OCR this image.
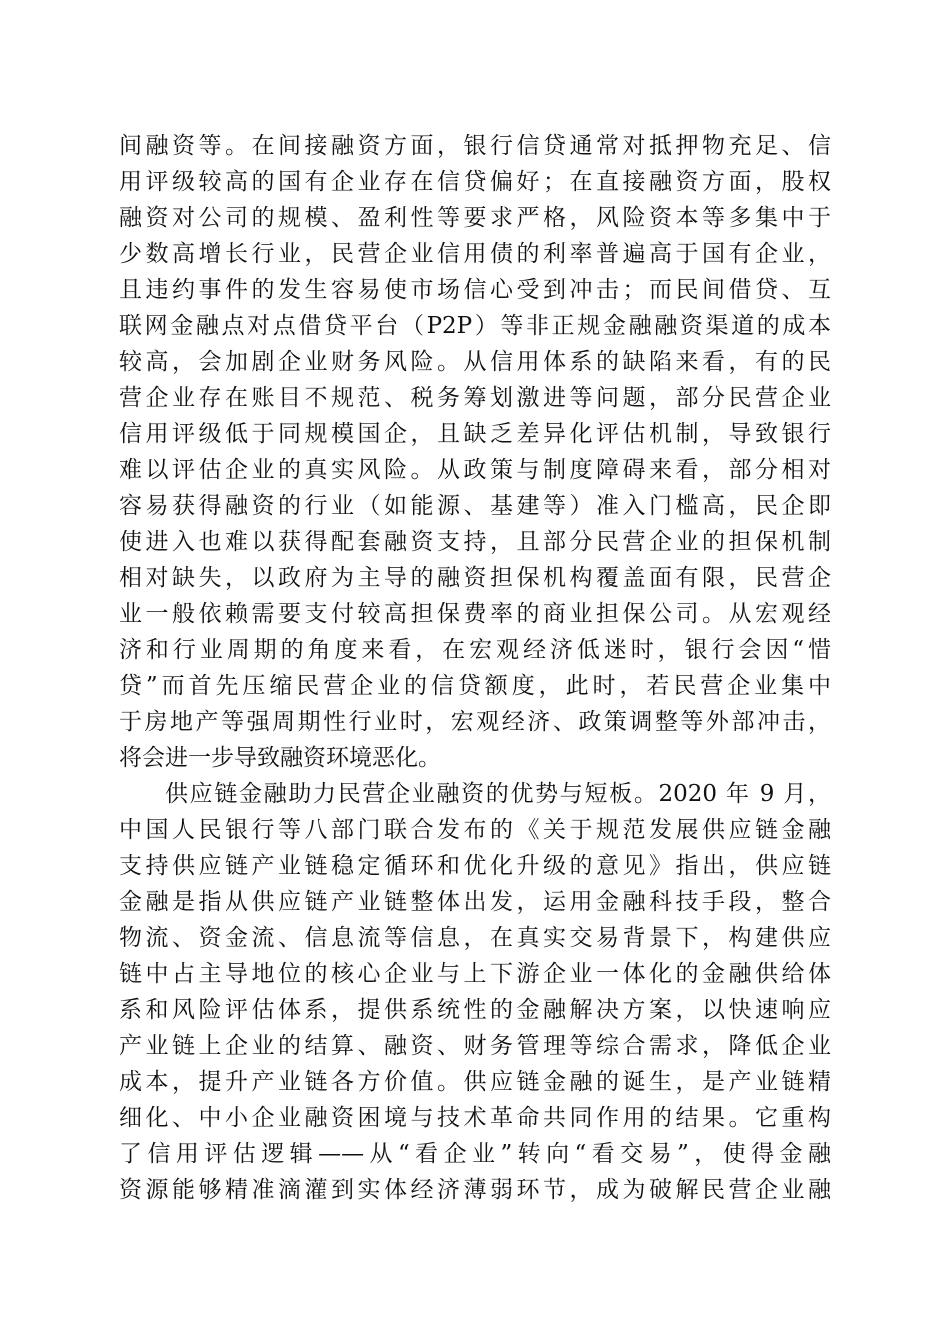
间融资等。在间接融资方面，银行信贷通常对抵押物充足、信
用评级较高的国有企业存在信贷偏好；在直接融资方面，股权
融资对公司的规模、盈利性等要求严格，风险资本等多集中于
少数高增长行业，民营企业信用债的利率普遍高于国有企业，
且违约事件的发生容易使市场信心受到冲击；而民间借贷、互
联网金融点对点借贷平台（P2P）等非正规金融融资渠道的成本
较高，会加剧企业财务风险。从信用体系的缺陷来看，有的民
营企业存在账目不规范、税务筹划激进等问题，部分民营企业
信用评级低于同规模国企，且缺乏差异化评估机制，导致银行
难以评估企业的真实风险。从政策与制度障碍来看，部分相对
容易获得融资的行业（如能源、基建等）准入门槛高，民企即
使进入也难以获得配套融资支持，且部分民营企业的担保机制
相对缺失，以政府为主导的融资担保机构覆盖面有限，民营企
业一般依赖需要支付较高担保费率的商业担保公司。从宏观经
济和行业周期的角度来看，在宏观经济低迷时，银行会因“惜
贷”而首先压缩民营企业的信贷额度，此时，若民营企业集中
于房地产等强周期性行业时，宏观经济、政策调整等外部冲击，
将会进一步导致融资环境恶化。
供应链金融助力民营企业融资的优势与短板。2020 年 9 月，
中国人民银行等八部门联合发布的《关于规范发展供应链金融
支持供应链产业链稳定循环和优化升级的意见》指出，供应链
金融是指从供应链产业链整体出发，运用金融科技手段，整合
物流、资金流、信息流等信息，在真实交易背景下，构建供应
链中占主导地位的核心企业与上下游企业一体化的金融供给体
系和风险评估体系，提供系统性的金融解决方案，以快速响应
产业链上企业的结算、融资、财务管理等综合需求，降低企业
成本，提升产业链各方价值。供应链金融的诞生，是产业链精
细化、中小企业融资困境与技术革命共同作用的结果。它重构
了信用评估逻辑——从“看企业”转向“看交易”，使得金融
资源能够精准滴灌到实体经济薄弱环节，成为破解民营企业融
